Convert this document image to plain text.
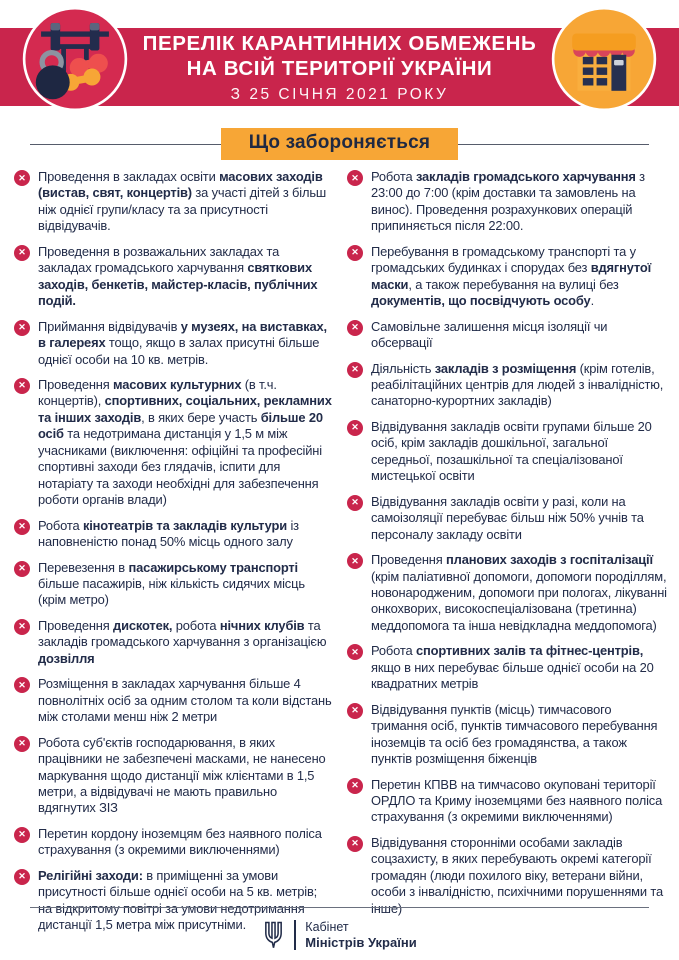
ПЕРЕЛІК КАРАНТИННИХ ОБМЕЖЕНЬ
НА ВСІЙ ТЕРИТОРІЇ УКРАЇНИ
З 25 СІЧНЯ 2021 РОКУ
Що забороняється
✕ Проведення в закладах освіти масових заходів (вистав, свят, концертів) за участі дітей з більш ніж однієї групи/класу та за присутності відвідувачів.

✕ Проведення в розважальних закладах та закладах громадського харчування святкових заходів, бенкетів, майстер-класів, публічних подій.

✕ Приймання відвідувачів у музеях, на виставках, в галереях тощо, якщо в залах присутні більше однієї особи на 10 кв. метрів.

✕ Проведення масових культурних (в т.ч. концертів), спортивних, соціальних, рекламних та інших заходів, в яких бере участь більше 20 осіб та недотримана дистанція у 1,5 м між учасниками (виключення: офіційні та професійні спортивні заходи без глядачів, іспити для нотаріату та заходи необхідні для забезпечення роботи органів влади)

✕ Робота кінотеатрів та закладів культури із наповненістю понад 50% місць одного залу

✕ Перевезення в пасажирському транспорті більше пасажирів, ніж кількість сидячих місць (крім метро)

✕ Проведення дискотек, робота нічних клубів та закладів громадського харчування з організацією дозвілля

✕ Розміщення в закладах харчування більше 4 повнолітніх осіб за одним столом та коли відстань між столами менш ніж 2 метри

✕ Робота суб'єктів господарювання, в яких працівники не забезпечені масками, не нанесено маркування щодо дистанції між клієнтами в 1,5 метри, а відвідувачі не мають правильно вдягнутих ЗІЗ

✕ Перетин кордону іноземцям без наявного поліса страхування (з окремими виключеннями)

✕ Релігійні заходи: в приміщенні за умови присутності більше однієї особи на 5 кв. метрів; на відкритому повітрі за умови недотримання дистанції 1,5 метра між присутніми.

✕ Робота закладів громадського харчування з 23:00 до 7:00 (крім доставки та замовлень на винос). Проведення розрахункових операцій припиняється після 22:00.

✕ Перебування в громадському транспорті та у громадських будинках і спорудах без вдягнутої маски, а також перебування на вулиці без документів, що посвідчують особу.

✕ Самовільне залишення місця ізоляції чи обсервації

✕ Діяльність закладів з розміщення (крім готелів, реабілітаційних центрів для людей з інвалідністю, санаторно-курортних закладів)

✕ Відвідування закладів освіти групами більше 20 осіб, крім закладів дошкільної, загальної середньої, позашкільної та спеціалізованої мистецької освіти

✕ Відвідування закладів освіти у разі, коли на самоізоляції перебуває більш ніж 50% учнів та персоналу закладу освіти

✕ Проведення планових заходів з госпіталізації (крім паліативної допомоги, допомоги породіллям, новонародженим, допомоги при пологах, лікуванні онкохворих, високоспеціалізована (третинна) меддопомога та інша невідкладна меддопомога)

✕ Робота спортивних залів та фітнес-центрів, якщо в них перебуває більше однієї особи на 20 квадратних метрів

✕ Відвідування пунктів (місць) тимчасового тримання осіб, пунктів тимчасового перебування іноземців та осіб без громадянства, а також пунктів розміщення біженців

✕ Перетин КПВВ на тимчасово окуповані території ОРДЛО та Криму іноземцями без наявного поліса страхування (з окремими виключеннями)

✕ Відвідування сторонніми особами закладів соцзахисту, в яких перебувають окремі категорії громадян (люди похилого віку, ветерани війни, особи з інвалідністю, психічними порушеннями та інше)

Кабінет
Міністрів України
